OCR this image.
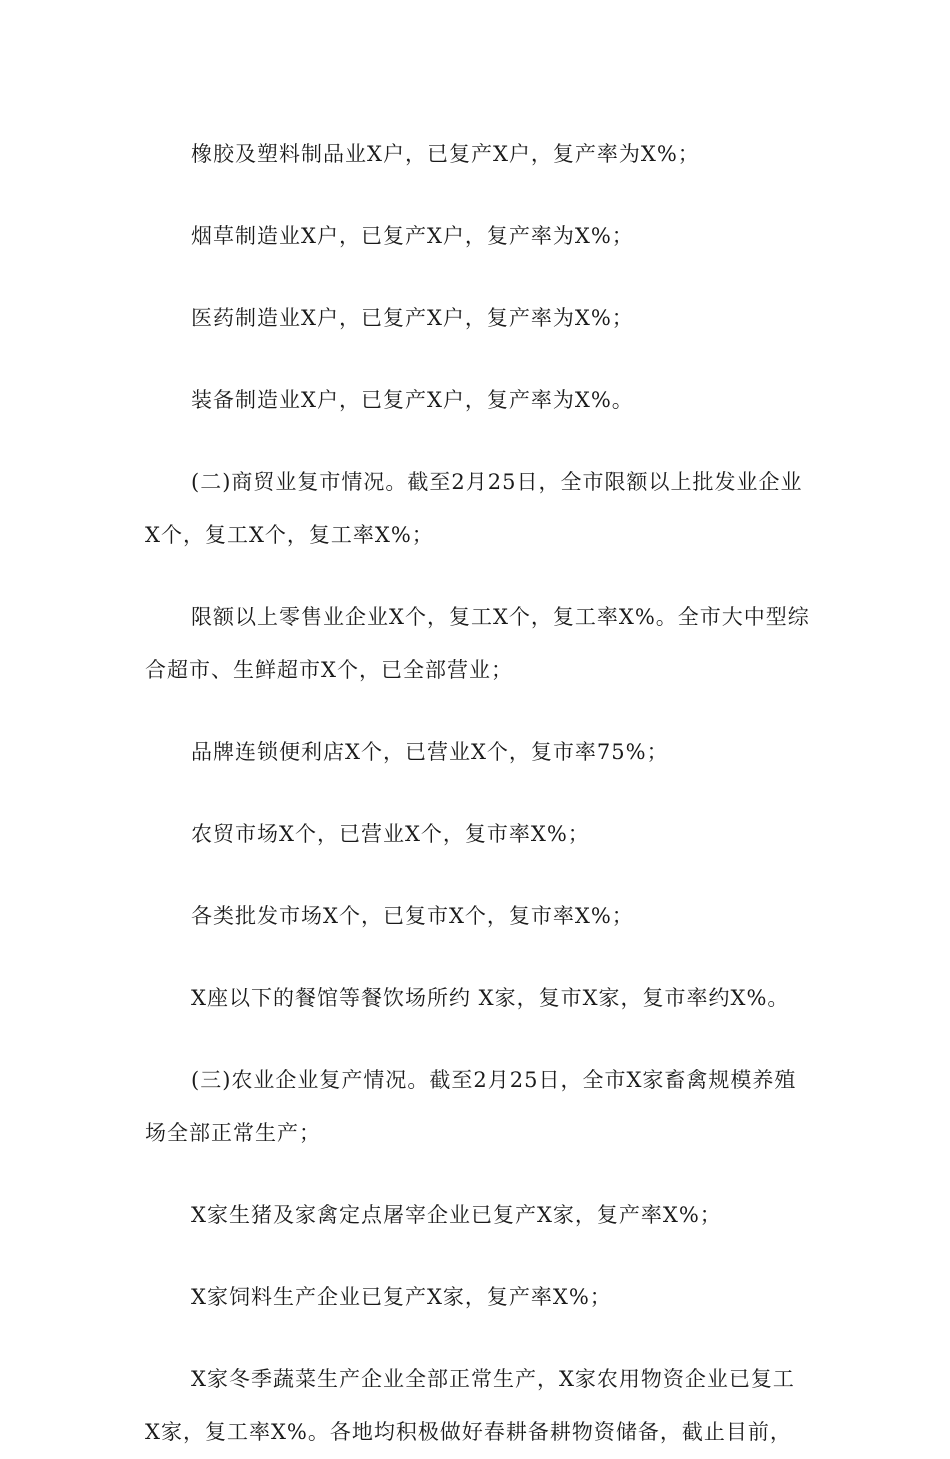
橡胶及塑料制品业X户，已复产X户，复产率为X%；

烟草制造业X户，已复产X户，复产率为X%；

医药制造业X户，已复产X户，复产率为X%；

装备制造业X户，已复产X户，复产率为X%。

(二)商贸业复市情况。截至2月25日，全市限额以上批发业企业X个，复工X个，复工率X%；

限额以上零售业企业X个，复工X个，复工率X%。全市大中型综合超市、生鲜超市X个，已全部营业；

品牌连锁便利店X个，已营业X个，复市率75%；

农贸市场X个，已营业X个，复市率X%；

各类批发市场X个，已复市X个，复市率X%；

X座以下的餐馆等餐饮场所约 X家，复市X家，复市率约X%。

(三)农业企业复产情况。截至2月25日，全市X家畜禽规模养殖场全部正常生产；

X家生猪及家禽定点屠宰企业已复产X家，复产率X%；

X家饲料生产企业已复产X家，复产率X%；

X家冬季蔬菜生产企业全部正常生产，X家农用物资企业已复工X家，复工率X%。各地均积极做好春耕备耕物资储备，截止目前，
